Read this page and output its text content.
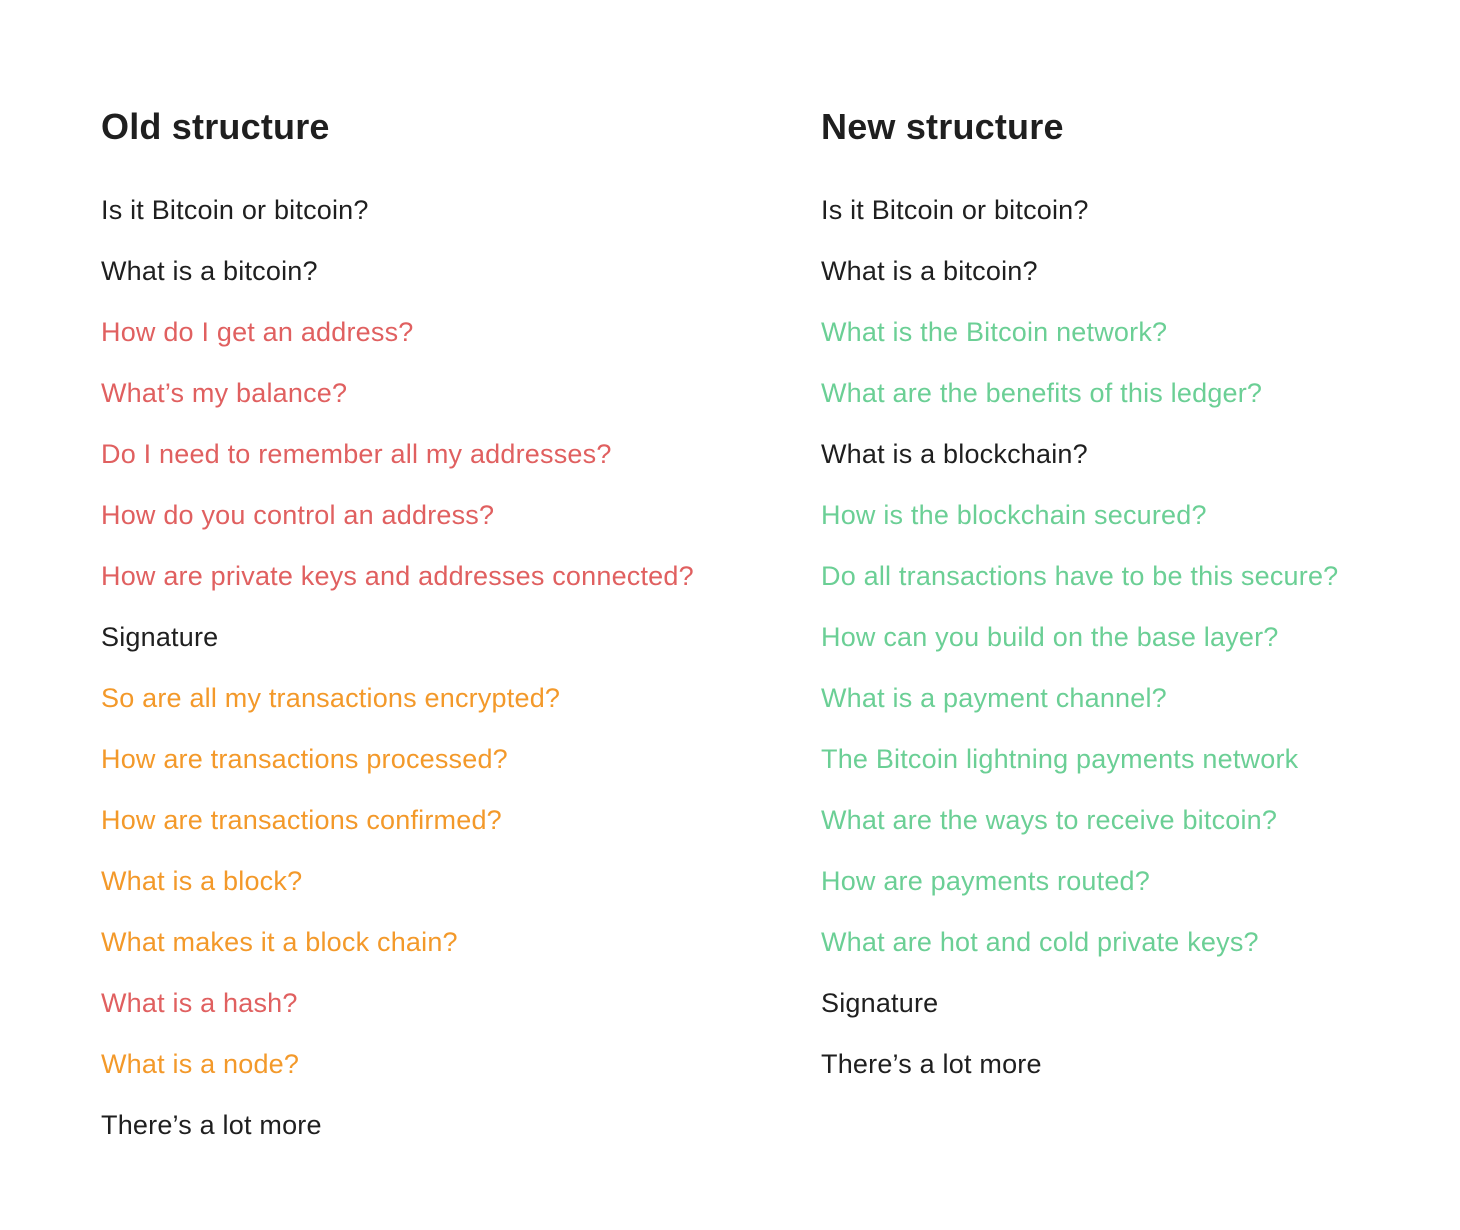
Old structure
Is it Bitcoin or bitcoin?
What is a bitcoin?
How do I get an address?
What’s my balance?
Do I need to remember all my addresses?
How do you control an address?
How are private keys and addresses connected?
Signature
So are all my transactions encrypted?
How are transactions processed?
How are transactions confirmed?
What is a block?
What makes it a block chain?
What is a hash?
What is a node?
There’s a lot more
New structure
Is it Bitcoin or bitcoin?
What is a bitcoin?
What is the Bitcoin network?
What are the benefits of this ledger?
What is a blockchain?
How is the blockchain secured?
Do all transactions have to be this secure?
How can you build on the base layer?
What is a payment channel?
The Bitcoin lightning payments network
What are the ways to receive bitcoin?
How are payments routed?
What are hot and cold private keys?
Signature
There’s a lot more
